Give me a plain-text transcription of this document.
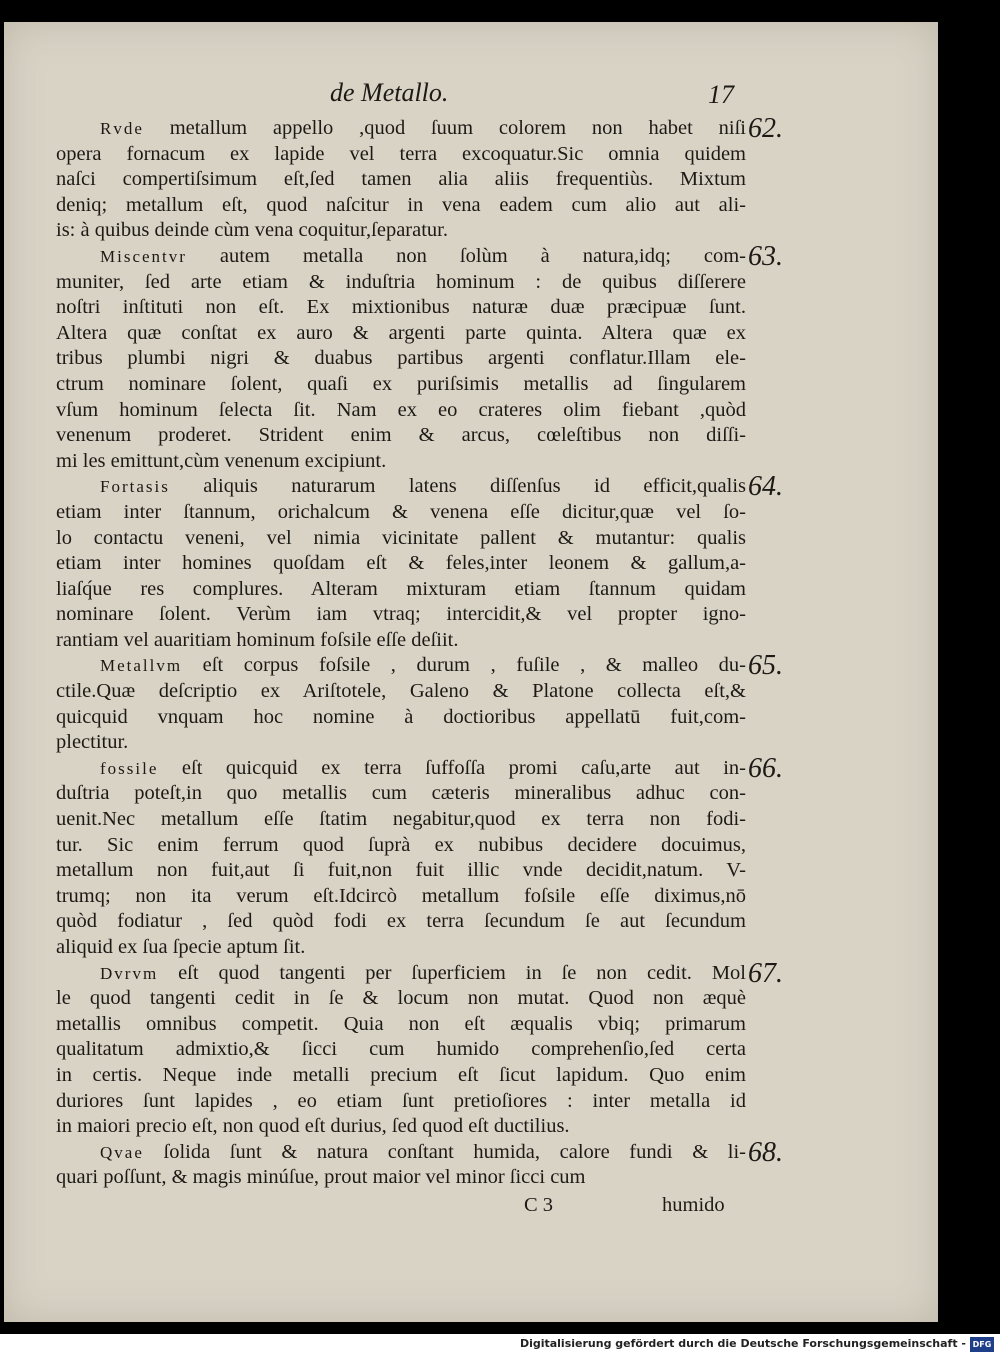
de Metallo.	17
62.
Rvde metallum appello ,quod ſuum colorem non habet niſi
opera fornacum ex lapide vel terra excoquatur.Sic omnia quidem
naſci compertiſsimum eſt,ſed tamen alia aliis frequentiùs. Mixtum
deniq; metallum eſt, quod naſcitur in vena eadem cum alio aut ali-
is: à quibus deinde cùm vena coquitur,ſeparatur.
63.
Miscentvr autem metalla non ſolùm à natura,idq; com-
muniter, ſed arte etiam & induſtria hominum : de quibus diſſerere
noſtri inſtituti non eſt. Ex mixtionibus naturæ duæ præcipuæ ſunt.
Altera quæ conſtat ex auro & argenti parte quinta. Altera quæ ex
tribus plumbi nigri & duabus partibus argenti conflatur.Illam ele-
ctrum nominare ſolent, quaſi ex puriſsimis metallis ad ſingularem
vſum hominum ſelecta ſit. Nam ex eo crateres olim fiebant ,quòd
venenum proderet. Strident enim & arcus, cœleſtibus non diſſi-
mi les emittunt,cùm venenum excipiunt.
64.
Fortasis aliquis naturarum latens diſſenſus id efficit,qualis
etiam inter ſtannum, orichalcum & venena eſſe dicitur,quæ vel ſo-
lo contactu veneni, vel nimia vicinitate pallent & mutantur: qualis
etiam inter homines quoſdam eſt & feles,inter leonem & gallum,a-
liaſq́ue res complures. Alteram mixturam etiam ſtannum quidam
nominare ſolent. Verùm iam vtraq; intercidit,& vel propter igno-
rantiam vel auaritiam hominum foſsile eſſe deſiit.
65.
Metallvm eſt corpus foſsile , durum , fuſile , & malleo du-
ctile.Quæ deſcriptio ex Ariſtotele, Galeno & Platone collecta eſt,&
quicquid vnquam hoc nomine à doctioribus appellatū fuit,com-
plectitur.
66.
fossile eſt quicquid ex terra ſuffoſſa promi caſu,arte aut in-
duſtria poteſt,in quo metallis cum cæteris mineralibus adhuc con-
uenit.Nec metallum eſſe ſtatim negabitur,quod ex terra non fodi-
tur. Sic enim ferrum quod ſuprà ex nubibus decidere docuimus,
metallum non fuit,aut ſi fuit,non fuit illic vnde decidit,natum. V-
trumq; non ita verum eſt.Idcircò metallum foſsile eſſe diximus,nō
quòd fodiatur , ſed quòd fodi ex terra ſecundum ſe aut ſecundum
aliquid ex ſua ſpecie aptum ſit.
67.
Dvrvm eſt quod tangenti per ſuperficiem in ſe non cedit. Mol
le quod tangenti cedit in ſe & locum non mutat. Quod non æquè
metallis omnibus competit. Quia non eſt æqualis vbiq; primarum
qualitatum admixtio,& ſicci cum humido comprehenſio,ſed certa
in certis. Neque inde metalli precium eſt ſicut lapidum. Quo enim
duriores ſunt lapides , eo etiam ſunt pretioſiores : inter metalla id
in maiori precio eſt, non quod eſt durius, ſed quod eſt ductilius.
68.
Qvae ſolida ſunt & natura conſtant humida, calore fundi & li-
quari poſſunt, & magis minúſue, prout maior vel minor ſicci cum
C 3	humido
Digitalisierung gefördert durch die Deutsche Forschungsgemeinschaft - DFG
